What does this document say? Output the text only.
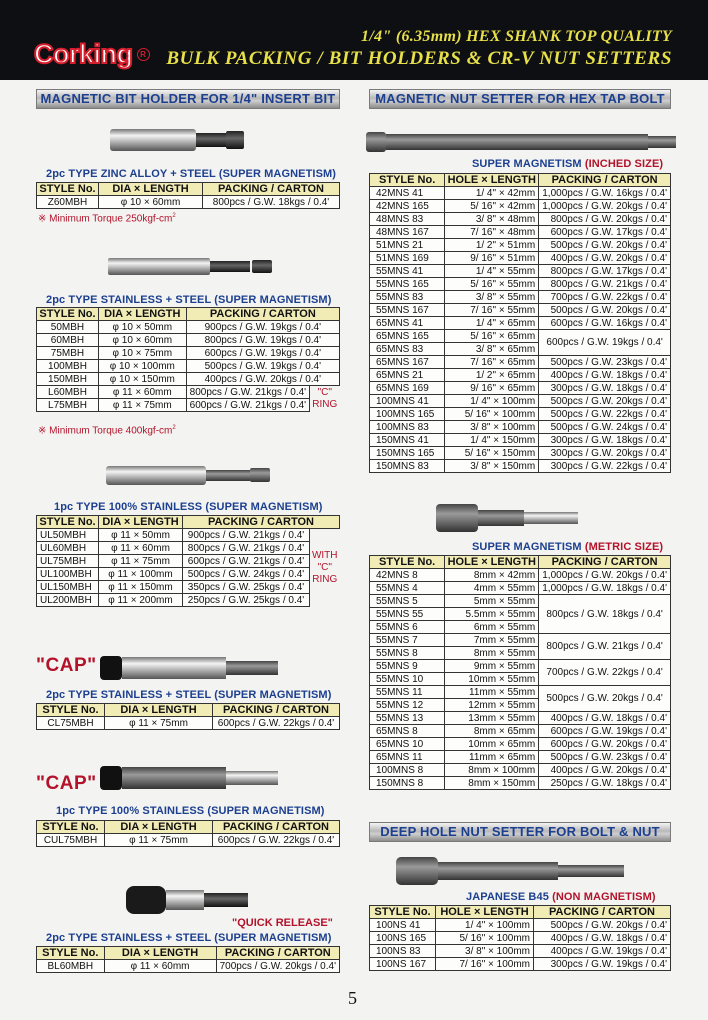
Corking R
1/4" (6.35mm) HEX SHANK TOP QUALITY
BULK PACKING / BIT HOLDERS & CR-V NUT SETTERS
MAGNETIC BIT HOLDER FOR 1/4" INSERT BIT
2pc TYPE ZINC ALLOY + STEEL (SUPER MAGNETISM)
STYLE No.	DIA × LENGTH	PACKING / CARTON
Z60MBH	φ 10 × 60mm	800pcs / G.W. 18kgs / 0.4'
※ Minimum Torque $250kgf-cm^2$
2pc TYPE STAINLESS + STEEL (SUPER MAGNETISM)
STYLE No.	DIA × LENGTH	PACKING / CARTON	
50MBH	φ 10 × 50mm	900pcs / G.W. 19kgs / 0.4'	
60MBH	φ 10 × 60mm	800pcs / G.W. 19kgs / 0.4'	
75MBH	φ 10 × 75mm	600pcs / G.W. 19kgs / 0.4'	
100MBH	φ 10 × 100mm	500pcs / G.W. 19kgs / 0.4'	
150MBH	φ 10 × 150mm	400pcs / G.W. 20kgs / 0.4'	
L60MBH	φ 11 × 60mm	800pcs / G.W. 21kgs / 0.4'	"C" RING
L75MBH	φ 11 × 75mm	600pcs / G.W. 21kgs / 0.4'	
※ Minimum Torque $400kgf-cm^2$
1pc TYPE 100% STAINLESS (SUPER MAGNETISM)
STYLE No.	DIA × LENGTH	PACKING / CARTON	
UL50MBH	φ 11 × 50mm	900pcs / G.W. 21kgs / 0.4'	WITH "C" RING
UL60MBH	φ 11 × 60mm	800pcs / G.W. 21kgs / 0.4'	
UL75MBH	φ 11 × 75mm	600pcs / G.W. 21kgs / 0.4'	
UL100MBH	φ 11 × 100mm	500pcs / G.W. 24kgs / 0.4'	
UL150MBH	φ 11 × 150mm	350pcs / G.W. 25kgs / 0.4'	
UL200MBH	φ 11 × 200mm	250pcs / G.W. 25kgs / 0.4'	
"CAP"
2pc TYPE STAINLESS + STEEL (SUPER MAGNETISM)
STYLE No.	DIA × LENGTH	PACKING / CARTON
CL75MBH	φ 11 × 75mm	600pcs / G.W. 22kgs / 0.4'
"CAP"
1pc TYPE 100% STAINLESS (SUPER MAGNETISM)
STYLE No.	DIA × LENGTH	PACKING / CARTON
CUL75MBH	φ 11 × 75mm	600pcs / G.W. 22kgs / 0.4'
"QUICK RELEASE"
2pc TYPE STAINLESS + STEEL (SUPER MAGNETISM)
STYLE No.	DIA × LENGTH	PACKING / CARTON
BL60MBH	φ 11 × 60mm	700pcs / G.W. 20kgs / 0.4'
MAGNETIC NUT SETTER FOR HEX TAP BOLT
SUPER MAGNETISM (INCHED SIZE)
STYLE No.	HOLE × LENGTH	PACKING / CARTON
42MNS 41	1/ 4" × 42mm	1,000pcs / G.W. 16kgs / 0.4'
42MNS 165	5/ 16" × 42mm	1,000pcs / G.W. 20kgs / 0.4'
48MNS 83	3/ 8" × 48mm	800pcs / G.W. 20kgs / 0.4'
48MNS 167	7/ 16" × 48mm	600pcs / G.W. 17kgs / 0.4'
51MNS 21	1/ 2" × 51mm	500pcs / G.W. 20kgs / 0.4'
51MNS 169	9/ 16" × 51mm	400pcs / G.W. 20kgs / 0.4'
55MNS 41	1/ 4" × 55mm	800pcs / G.W. 17kgs / 0.4'
55MNS 165	5/ 16" × 55mm	800pcs / G.W. 21kgs / 0.4'
55MNS 83	3/ 8" × 55mm	700pcs / G.W. 22kgs / 0.4'
55MNS 167	7/ 16" × 55mm	500pcs / G.W. 20kgs / 0.4'
65MNS 41	1/ 4" × 65mm	600pcs / G.W. 16kgs / 0.4'
65MNS 165	5/ 16" × 65mm	600pcs / G.W. 19kgs / 0.4'
65MNS 83	3/ 8" × 65mm	
65MNS 167	7/ 16" × 65mm	500pcs / G.W. 23kgs / 0.4'
65MNS 21	1/ 2" × 65mm	400pcs / G.W. 18kgs / 0.4'
65MNS 169	9/ 16" × 65mm	300pcs / G.W. 18kgs / 0.4'
100MNS 41	1/ 4" × 100mm	500pcs / G.W. 20kgs / 0.4'
100MNS 165	5/ 16" × 100mm	500pcs / G.W. 22kgs / 0.4'
100MNS 83	3/ 8" × 100mm	500pcs / G.W. 24kgs / 0.4'
150MNS 41	1/ 4" × 150mm	300pcs / G.W. 18kgs / 0.4'
150MNS 165	5/ 16" × 150mm	300pcs / G.W. 20kgs / 0.4'
150MNS 83	3/ 8" × 150mm	300pcs / G.W. 22kgs / 0.4'
SUPER MAGNETISM (METRIC SIZE)
STYLE No.	HOLE × LENGTH	PACKING / CARTON
42MNS 8	8mm × 42mm	1,000pcs / G.W. 20kgs / 0.4'
55MNS 4	4mm × 55mm	1,000pcs / G.W. 18kgs / 0.4'
55MNS 5	5mm × 55mm	800pcs / G.W. 18kgs / 0.4'
55MNS 55	5.5mm × 55mm	
55MNS 6	6mm × 55mm	
55MNS 7	7mm × 55mm	800pcs / G.W. 21kgs / 0.4'
55MNS 8	8mm × 55mm	
55MNS 9	9mm × 55mm	700pcs / G.W. 22kgs / 0.4'
55MNS 10	10mm × 55mm	
55MNS 11	11mm × 55mm	500pcs / G.W. 20kgs / 0.4'
55MNS 12	12mm × 55mm	
55MNS 13	13mm × 55mm	400pcs / G.W. 18kgs / 0.4'
65MNS 8	8mm × 65mm	600pcs / G.W. 19kgs / 0.4'
65MNS 10	10mm × 65mm	600pcs / G.W. 20kgs / 0.4'
65MNS 11	11mm × 65mm	500pcs / G.W. 23kgs / 0.4'
100MNS 8	8mm × 100mm	400pcs / G.W. 20kgs / 0.4'
150MNS 8	8mm × 150mm	250pcs / G.W. 18kgs / 0.4'
DEEP HOLE NUT SETTER FOR BOLT & NUT
JAPANESE B45 (NON MAGNETISM)
STYLE No.	HOLE × LENGTH	PACKING / CARTON
100NS 41	1/ 4" × 100mm	500pcs / G.W. 20kgs / 0.4'
100NS 165	5/ 16" × 100mm	400pcs / G.W. 18kgs / 0.4'
100NS 83	3/ 8" × 100mm	400pcs / G.W. 19kgs / 0.4'
100NS 167	7/ 16" × 100mm	300pcs / G.W. 19kgs / 0.4'
5
